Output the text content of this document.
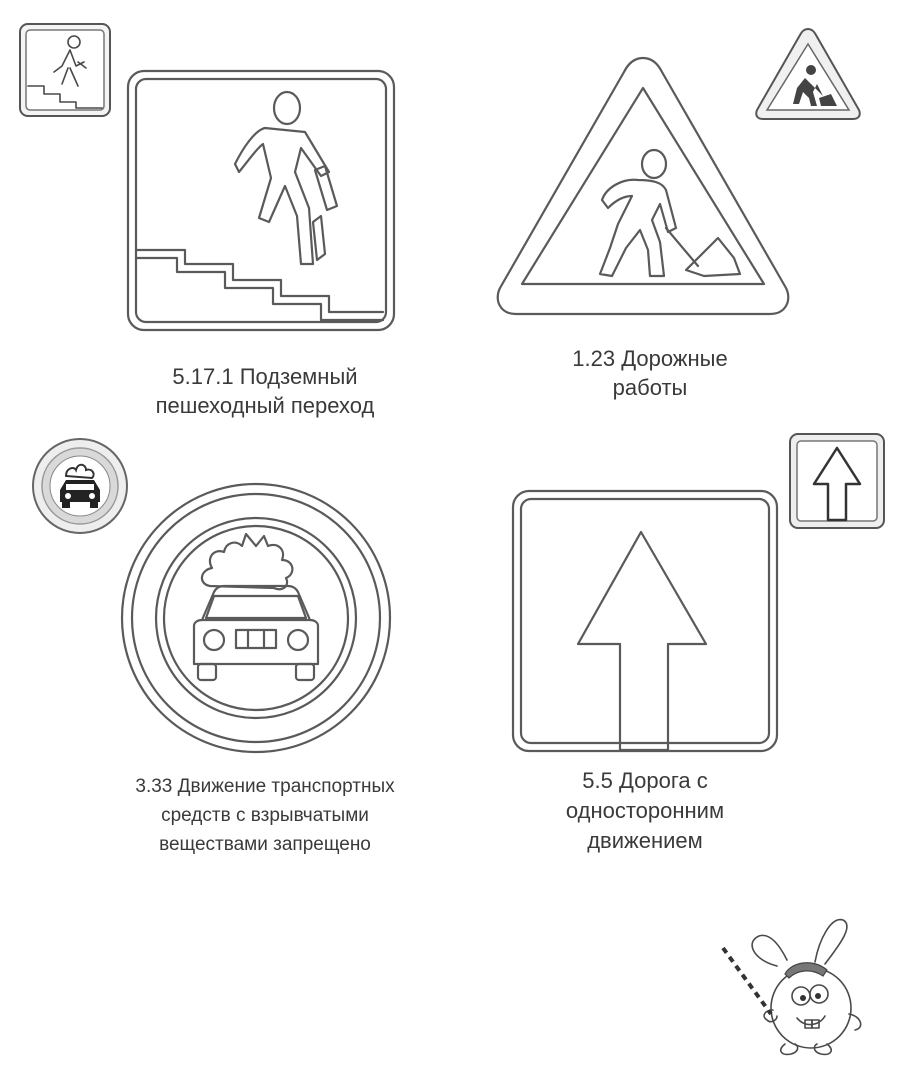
5.17.1 Подземный
пешеходный переход
1.23 Дорожные
работы
3.33 Движение транспортных
средств с взрывчатыми
веществами запрещено
5.5 Дорога с
односторонним
движением
